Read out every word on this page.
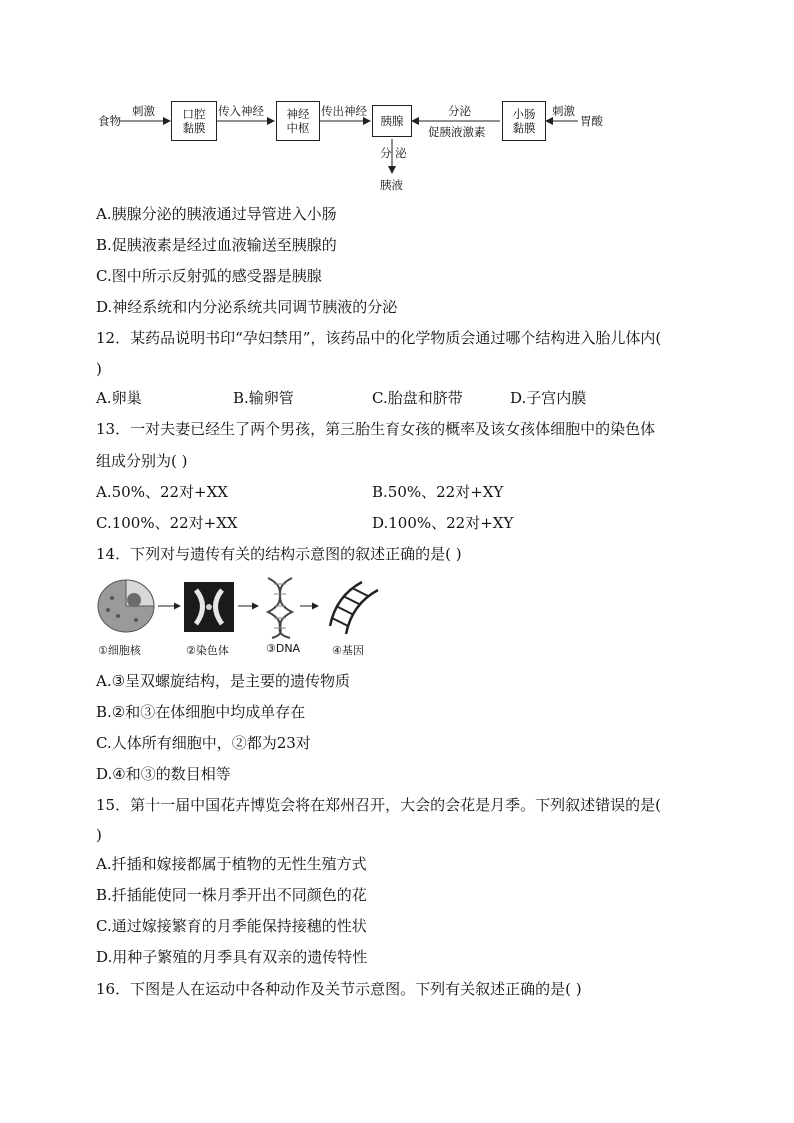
食物
刺激	口腔
黏膜
传入神经	神经
中枢
传出神经
胰腺
分泌
促胰液激素
小肠
黏膜
刺激
胃酸
分 泌
胰液
A.胰腺分泌的胰液通过导管进入小肠
B.促胰液素是经过血液输送至胰腺的
C.图中所示反射弧的感受器是胰腺
D.神经系统和内分泌系统共同调节胰液的分泌
12．某药品说明书印“孕妇禁用”，该药品中的化学物质会通过哪个结构进入胎儿体内(
)
A.卵巢	B.输卵管	C.胎盘和脐带	D.子宫内膜
13．一对夫妻已经生了两个男孩，第三胎生育女孩的概率及该女孩体细胞中的染色体
组成分别为( )
A.50%、22对+XX	B.50%、22对+XY
C.100%、22对+XX	D.100%、22对+XY
14．下列对与遗传有关的结构示意图的叙述正确的是( )
①细胞核	②染色体	③DNA	④基因
A.③呈双螺旋结构，是主要的遗传物质
B.②和③在体细胞中均成单存在
C.人体所有细胞中，②都为23对
D.④和③的数目相等
15．第十一届中国花卉博览会将在郑州召开，大会的会花是月季。下列叙述错误的是(
)
A.扦插和嫁接都属于植物的无性生殖方式
B.扦插能使同一株月季开出不同颜色的花
C.通过嫁接繁育的月季能保持接穗的性状
D.用种子繁殖的月季具有双亲的遗传特性
16．下图是人在运动中各种动作及关节示意图。下列有关叙述正确的是( )
